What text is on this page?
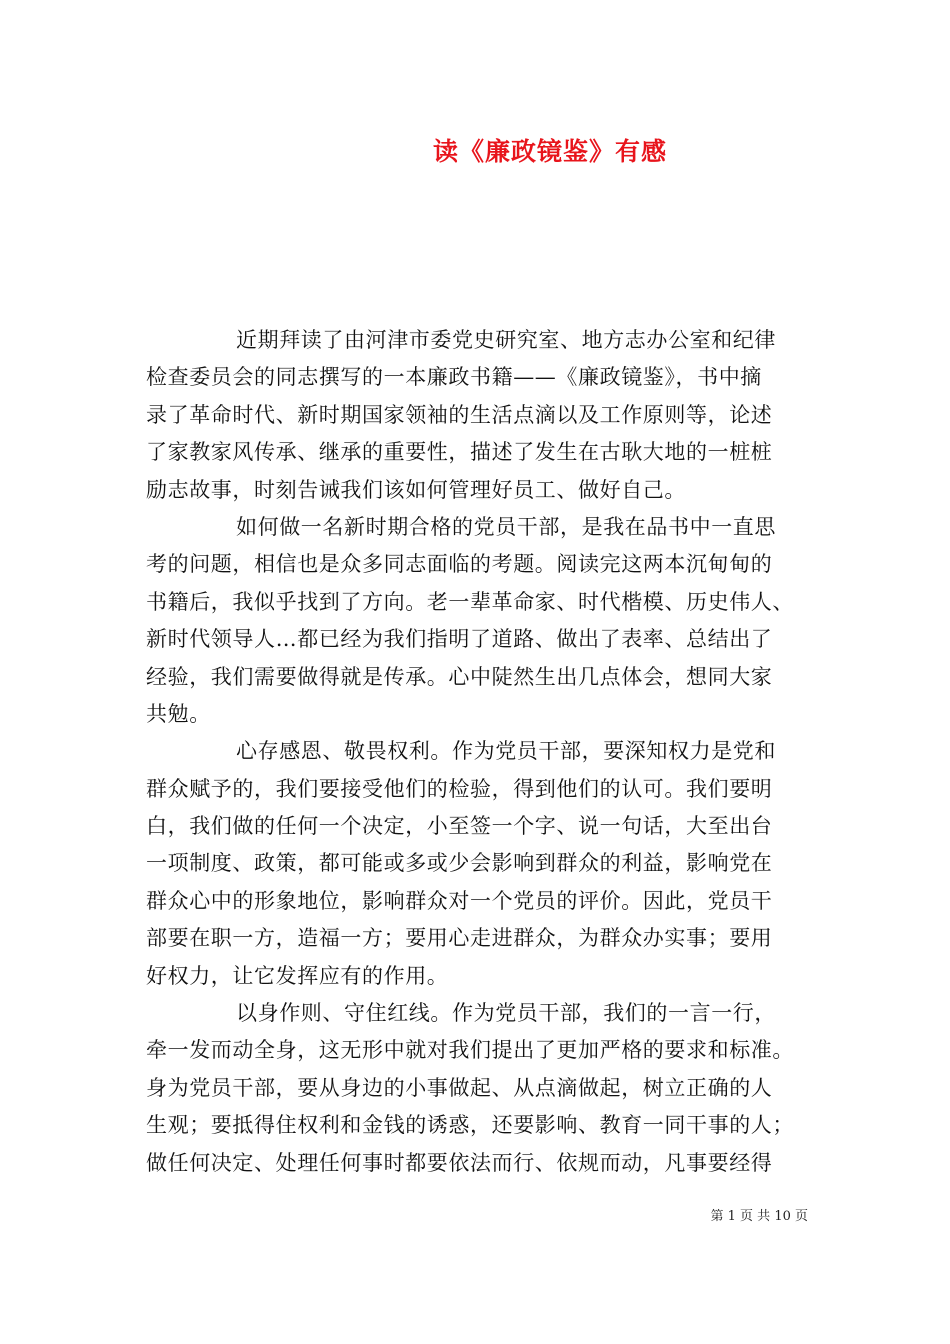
读《廉政镜鉴》有感
近期拜读了由河津市委党史研究室、地方志办公室和纪律
检查委员会的同志撰写的一本廉政书籍——《廉政镜鉴》，书中摘
录了革命时代、新时期国家领袖的生活点滴以及工作原则等，论述
了家教家风传承、继承的重要性，描述了发生在古耿大地的一桩桩
励志故事，时刻告诫我们该如何管理好员工、做好自己。
如何做一名新时期合格的党员干部，是我在品书中一直思
考的问题，相信也是众多同志面临的考题。阅读完这两本沉甸甸的
书籍后，我似乎找到了方向。老一辈革命家、时代楷模、历史伟人、
新时代领导人…都已经为我们指明了道路、做出了表率、总结出了
经验，我们需要做得就是传承。心中陡然生出几点体会，想同大家
共勉。
心存感恩、敬畏权利。作为党员干部，要深知权力是党和
群众赋予的，我们要接受他们的检验，得到他们的认可。我们要明
白，我们做的任何一个决定，小至签一个字、说一句话，大至出台
一项制度、政策，都可能或多或少会影响到群众的利益，影响党在
群众心中的形象地位，影响群众对一个党员的评价。因此，党员干
部要在职一方，造福一方；要用心走进群众，为群众办实事；要用
好权力，让它发挥应有的作用。
以身作则、守住红线。作为党员干部，我们的一言一行，
牵一发而动全身，这无形中就对我们提出了更加严格的要求和标准。
身为党员干部，要从身边的小事做起、从点滴做起，树立正确的人
生观；要抵得住权利和金钱的诱惑，还要影响、教育一同干事的人；
做任何决定、处理任何事时都要依法而行、依规而动，凡事要经得
第 1 页 共 10 页
